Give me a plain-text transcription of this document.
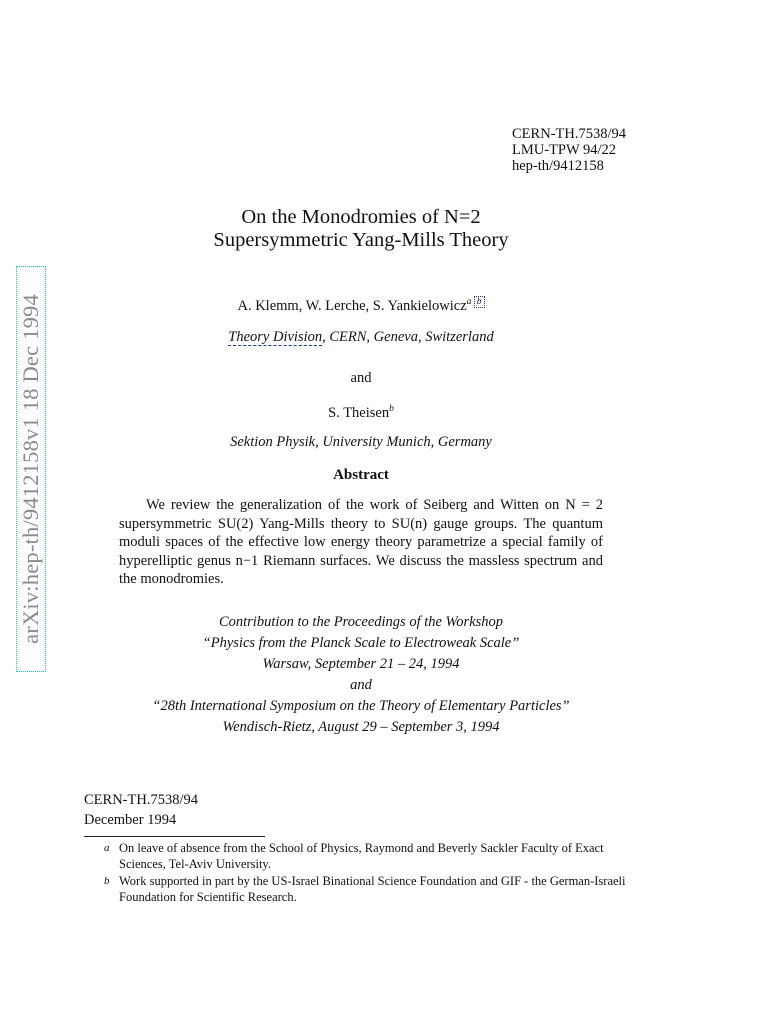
arXiv:hep-th/9412158v1 18 Dec 1994
CERN-TH.7538/94
LMU-TPW 94/22
hep-th/9412158
On the Monodromies of N=2
Supersymmetric Yang-Mills Theory
A. Klemm, W. Lerche, S. Yankielowicz$^{a b}$
Theory Division, CERN, Geneva, Switzerland
and
S. Theisen$^b$
Sektion Physik, University Munich, Germany
Abstract

We review the generalization of the work of Seiberg and Witten on N = 2 supersymmetric SU(2) Yang-Mills theory to SU(n) gauge groups. The quantum moduli spaces of the effective low energy theory parametrize a special family of hyperelliptic genus n−1 Riemann surfaces. We discuss the massless spectrum and the monodromies.

Contribution to the Proceedings of the Workshop
“Physics from the Planck Scale to Electroweak Scale”
Warsaw, September 21 – 24, 1994
and
“28th International Symposium on the Theory of Elementary Particles”
Wendisch-Rietz, August 29 – September 3, 1994
CERN-TH.7538/94
December 1994
a On leave of absence from the School of Physics, Raymond and Beverly Sackler Faculty of Exact Sciences, Tel-Aviv University.
b Work supported in part by the US-Israel Binational Science Foundation and GIF - the German-Israeli Foundation for Scientific Research.
